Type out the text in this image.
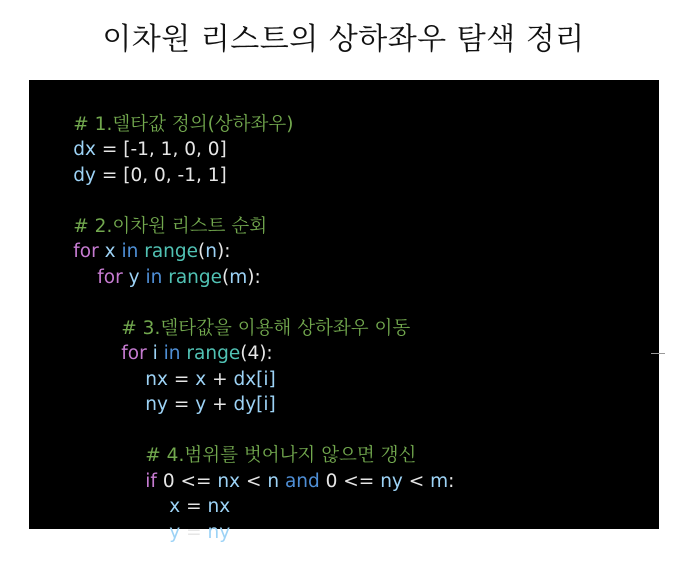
이차원 리스트의 상하좌우 탐색 정리

# 1.델타값 정의(상하좌우)

dx = [-1, 1, 0, 0]

dy = [0, 0, -1, 1]

# 2.이차원 리스트 순회

for x in range(n):

for y in range(m):

# 3.델타값을 이용해 상하좌우 이동

for i in range(4):

nx = x + dx[i]

ny = y + dy[i]

# 4.범위를 벗어나지 않으면 갱신

if 0 <= nx < n and 0 <= ny < m:

x = nx

y = ny
